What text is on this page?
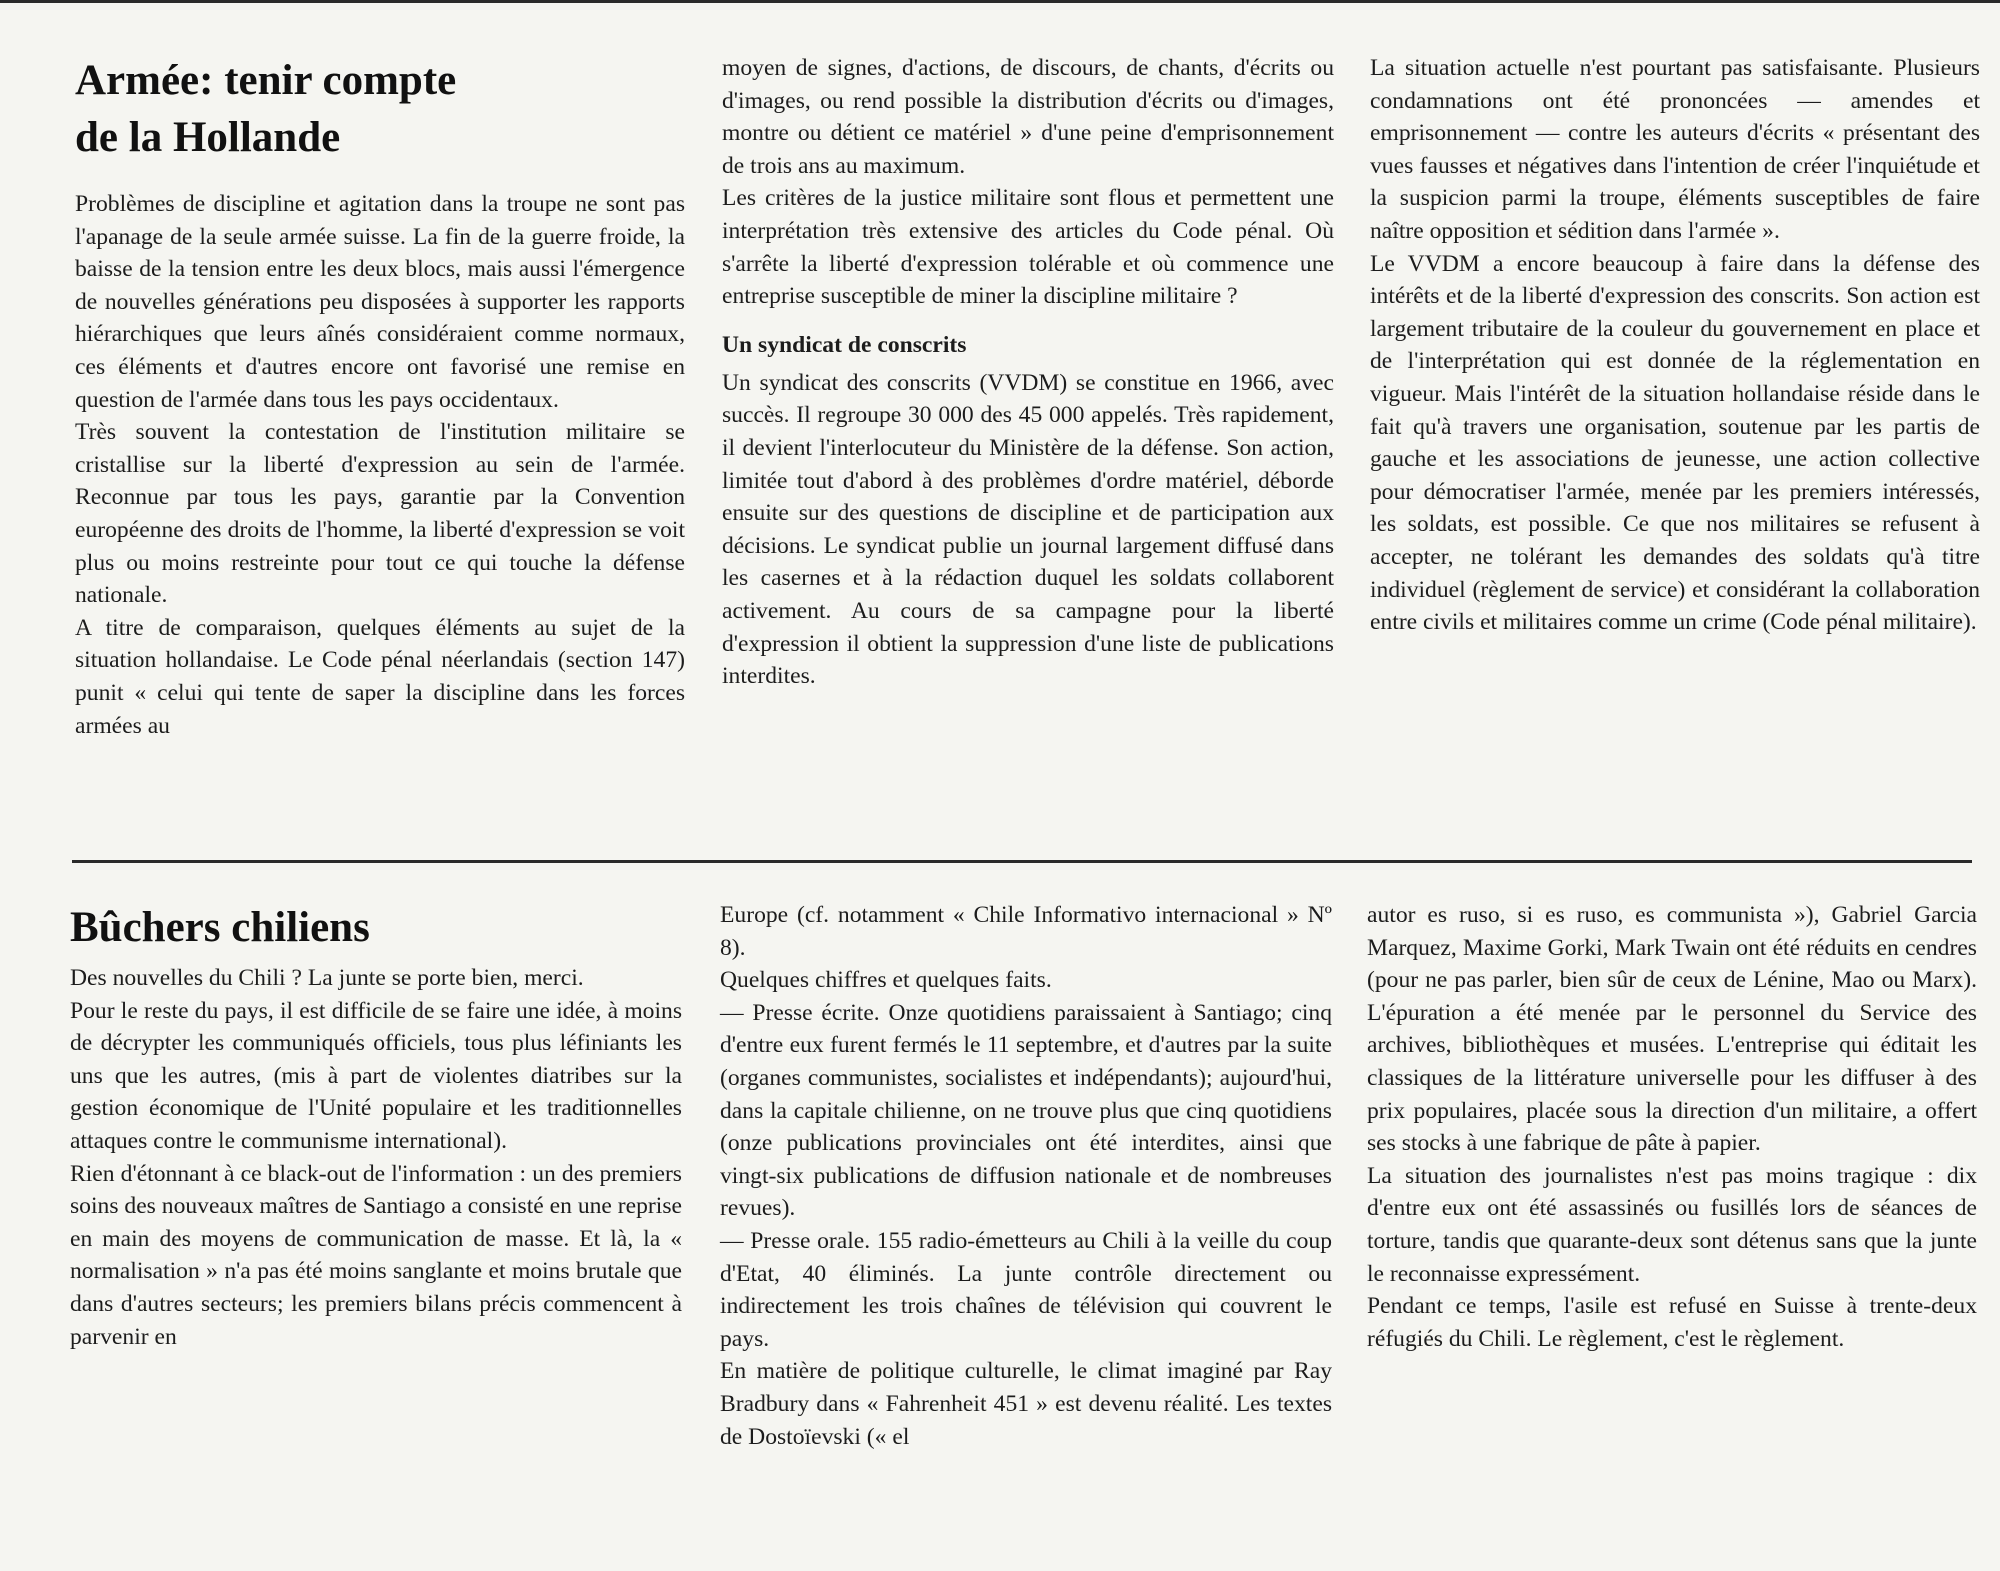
Armée: tenir compte
de la Hollande

Problèmes de discipline et agitation dans la troupe ne sont pas l'apanage de la seule armée suisse. La fin de la guerre froide, la baisse de la tension entre les deux blocs, mais aussi l'émergence de nouvelles générations peu disposées à supporter les rapports hiérarchiques que leurs aînés considéraient comme normaux, ces éléments et d'autres encore ont favorisé une remise en question de l'armée dans tous les pays occidentaux.

Très souvent la contestation de l'institution militaire se cristallise sur la liberté d'expression au sein de l'armée. Reconnue par tous les pays, garantie par la Convention européenne des droits de l'homme, la liberté d'expression se voit plus ou moins restreinte pour tout ce qui touche la défense nationale.

A titre de comparaison, quelques éléments au sujet de la situation hollandaise. Le Code pénal néerlandais (section 147) punit « celui qui tente de saper la discipline dans les forces armées au

moyen de signes, d'actions, de discours, de chants, d'écrits ou d'images, ou rend possible la distribution d'écrits ou d'images, montre ou détient ce matériel » d'une peine d'emprisonnement de trois ans au maximum.

Les critères de la justice militaire sont flous et permettent une interprétation très extensive des articles du Code pénal. Où s'arrête la liberté d'expression tolérable et où commence une entreprise susceptible de miner la discipline militaire ?

Un syndicat de conscrits

Un syndicat des conscrits (VVDM) se constitue en 1966, avec succès. Il regroupe 30 000 des 45 000 appelés. Très rapidement, il devient l'interlocuteur du Ministère de la défense. Son action, limitée tout d'abord à des problèmes d'ordre matériel, déborde ensuite sur des questions de discipline et de participation aux décisions. Le syndicat publie un journal largement diffusé dans les casernes et à la rédaction duquel les soldats collaborent activement. Au cours de sa campagne pour la liberté d'expression il obtient la suppression d'une liste de publications interdites.

La situation actuelle n'est pourtant pas satisfaisante. Plusieurs condamnations ont été prononcées — amendes et emprisonnement — contre les auteurs d'écrits « présentant des vues fausses et négatives dans l'intention de créer l'inquiétude et la suspicion parmi la troupe, éléments susceptibles de faire naître opposition et sédition dans l'armée ».

Le VVDM a encore beaucoup à faire dans la défense des intérêts et de la liberté d'expression des conscrits. Son action est largement tributaire de la couleur du gouvernement en place et de l'interprétation qui est donnée de la réglementation en vigueur. Mais l'intérêt de la situation hollandaise réside dans le fait qu'à travers une organisation, soutenue par les partis de gauche et les associations de jeunesse, une action collective pour démocratiser l'armée, menée par les premiers intéressés, les soldats, est possible. Ce que nos militaires se refusent à accepter, ne tolérant les demandes des soldats qu'à titre individuel (règlement de service) et considérant la collaboration entre civils et militaires comme un crime (Code pénal militaire).

Bûchers chiliens

Des nouvelles du Chili ? La junte se porte bien, merci.

Pour le reste du pays, il est difficile de se faire une idée, à moins de décrypter les communiqués officiels, tous plus léfiniants les uns que les autres, (mis à part de violentes diatribes sur la gestion économique de l'Unité populaire et les traditionnelles attaques contre le communisme international).

Rien d'étonnant à ce black-out de l'information : un des premiers soins des nouveaux maîtres de Santiago a consisté en une reprise en main des moyens de communication de masse. Et là, la « normalisation » n'a pas été moins sanglante et moins brutale que dans d'autres secteurs; les premiers bilans précis commencent à parvenir en

Europe (cf. notamment « Chile Informativo internacional » Nº 8).

Quelques chiffres et quelques faits.

— Presse écrite. Onze quotidiens paraissaient à Santiago; cinq d'entre eux furent fermés le 11 septembre, et d'autres par la suite (organes communistes, socialistes et indépendants); aujourd'hui, dans la capitale chilienne, on ne trouve plus que cinq quotidiens (onze publications provinciales ont été interdites, ainsi que vingt-six publications de diffusion nationale et de nombreuses revues).

— Presse orale. 155 radio-émetteurs au Chili à la veille du coup d'Etat, 40 éliminés. La junte contrôle directement ou indirectement les trois chaînes de télévision qui couvrent le pays.

En matière de politique culturelle, le climat imaginé par Ray Bradbury dans « Fahrenheit 451 » est devenu réalité. Les textes de Dostoïevski (« el

autor es ruso, si es ruso, es communista »), Gabriel Garcia Marquez, Maxime Gorki, Mark Twain ont été réduits en cendres (pour ne pas parler, bien sûr de ceux de Lénine, Mao ou Marx). L'épuration a été menée par le personnel du Service des archives, bibliothèques et musées. L'entreprise qui éditait les classiques de la littérature universelle pour les diffuser à des prix populaires, placée sous la direction d'un militaire, a offert ses stocks à une fabrique de pâte à papier.

La situation des journalistes n'est pas moins tragique : dix d'entre eux ont été assassinés ou fusillés lors de séances de torture, tandis que quarante-deux sont détenus sans que la junte le reconnaisse expressément.

Pendant ce temps, l'asile est refusé en Suisse à trente-deux réfugiés du Chili. Le règlement, c'est le règlement.
